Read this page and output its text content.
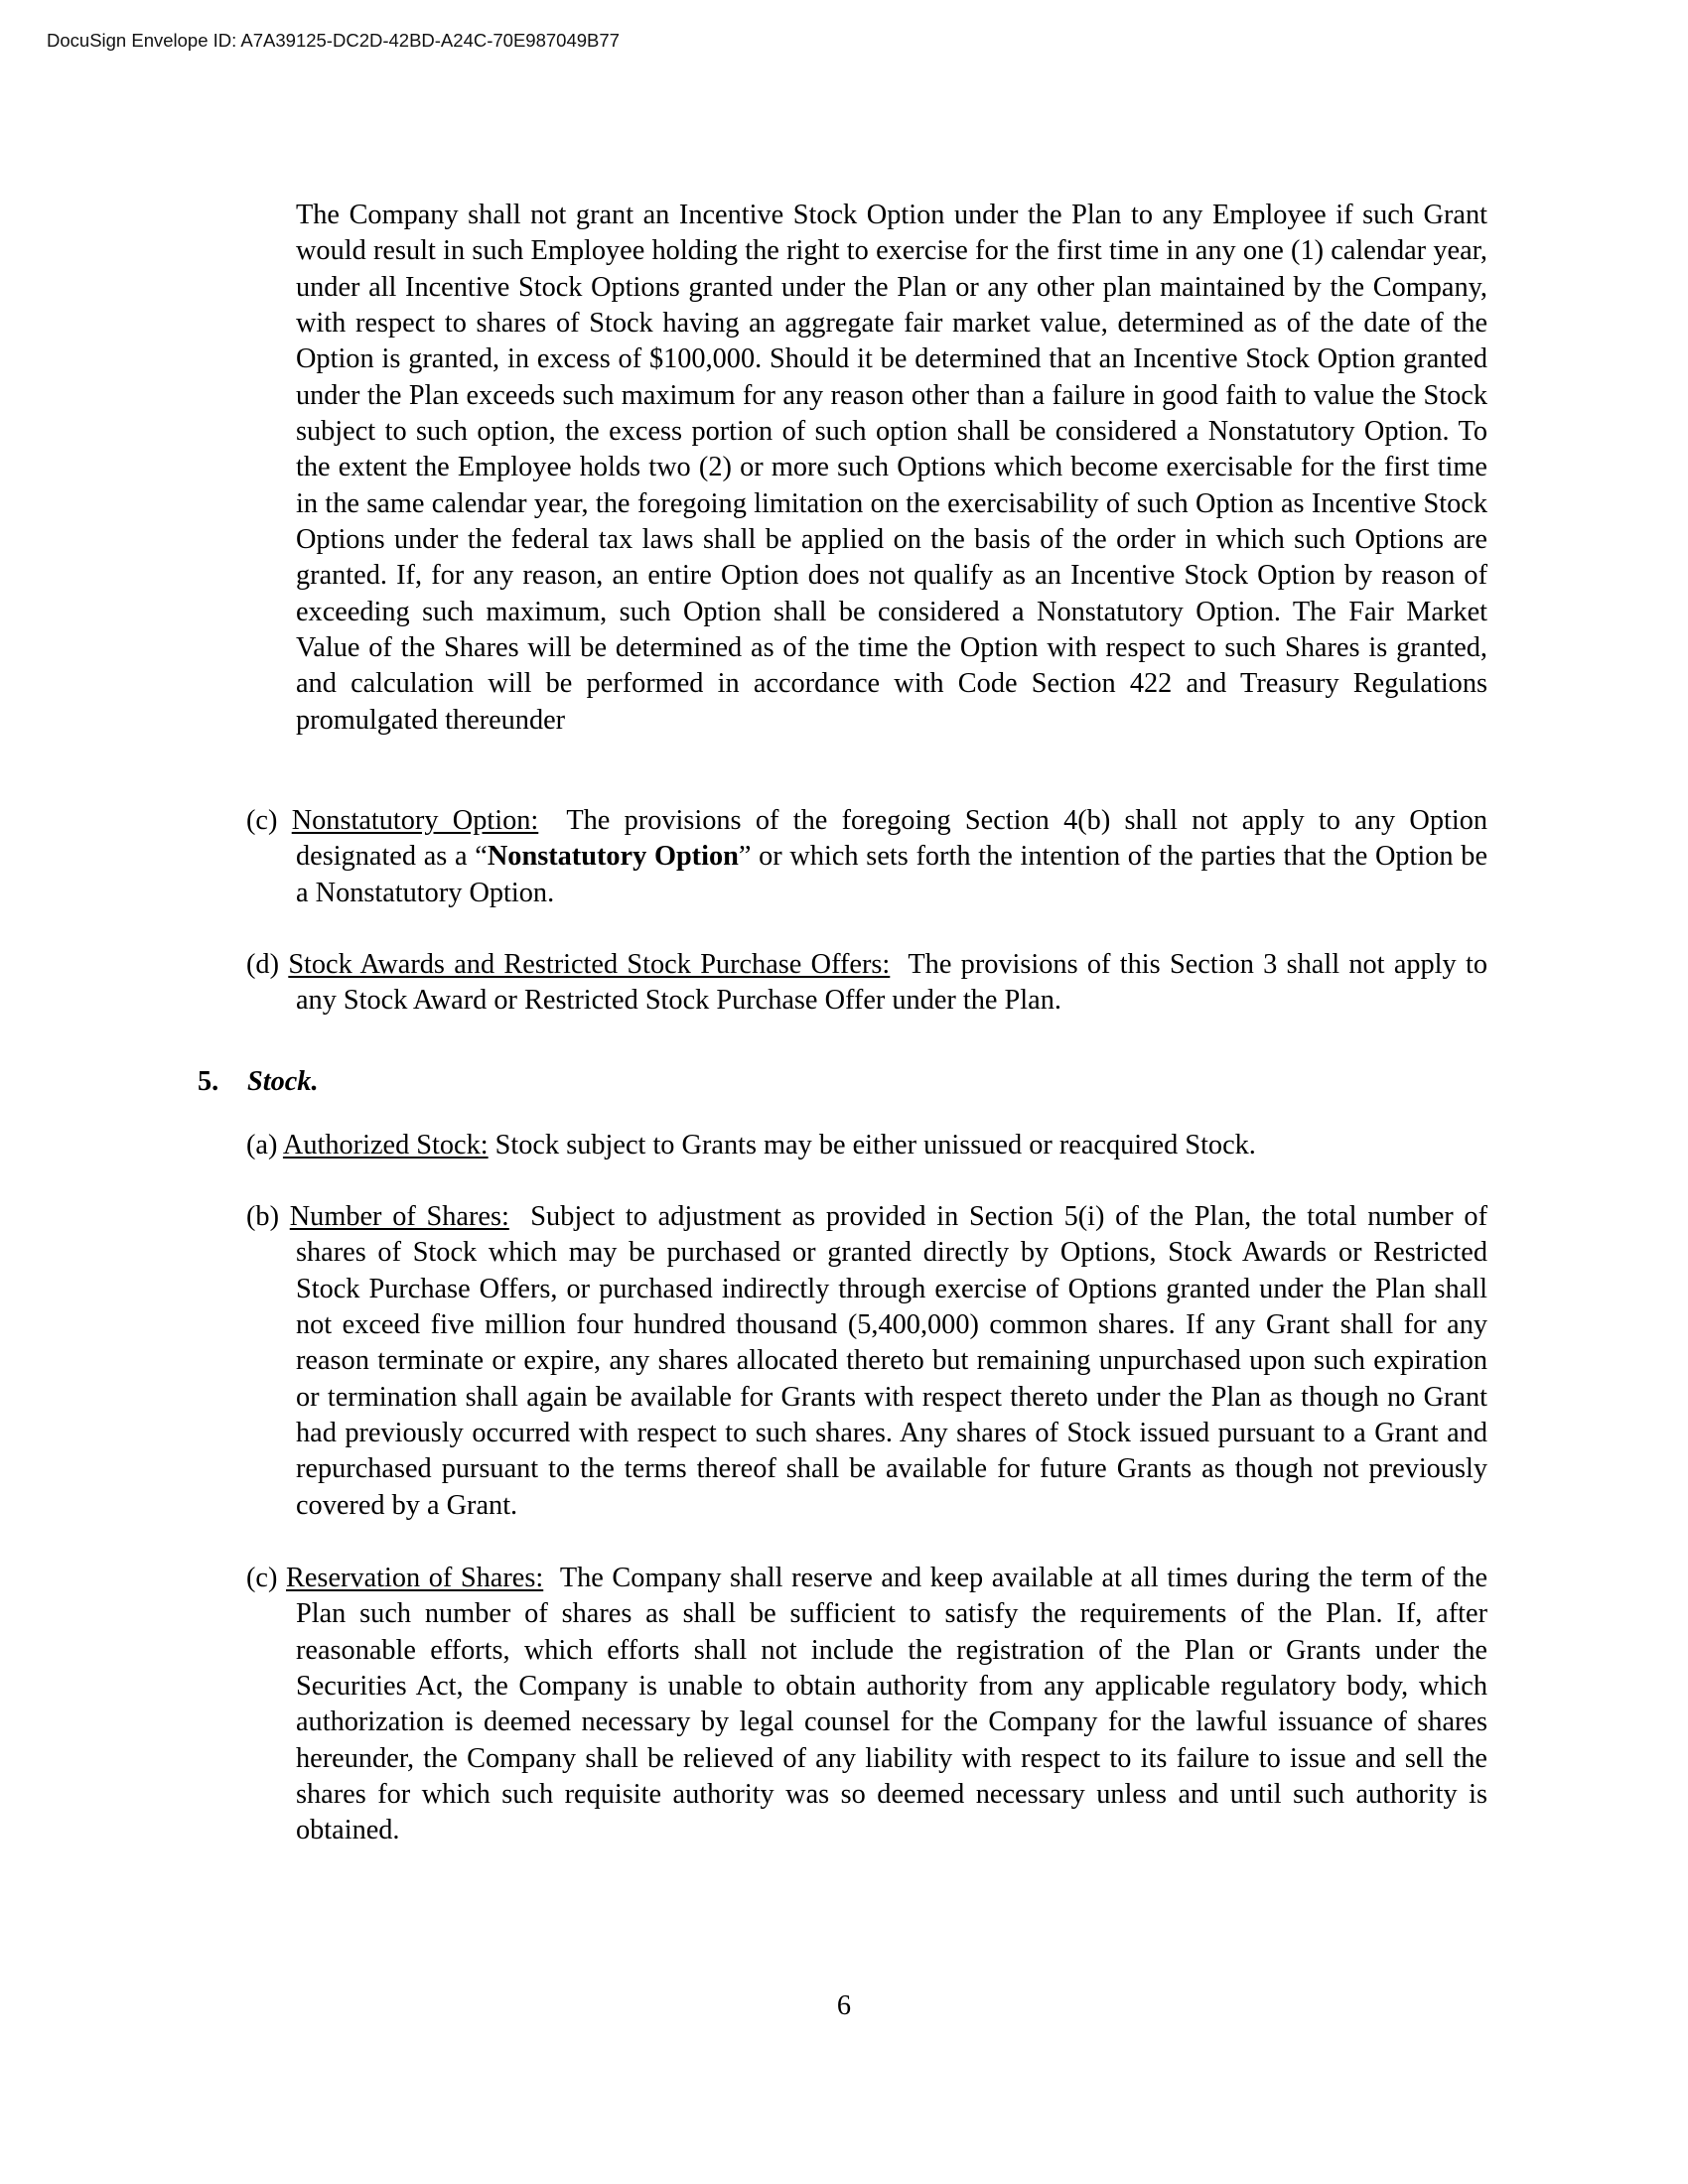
DocuSign Envelope ID: A7A39125-DC2D-42BD-A24C-70E987049B77

The Company shall not grant an Incentive Stock Option under the Plan to any Employee if such Grant would result in such Employee holding the right to exercise for the first time in any one (1) calendar year, under all Incentive Stock Options granted under the Plan or any other plan maintained by the Company, with respect to shares of Stock having an aggregate fair market value, determined as of the date of the Option is granted, in excess of $100,000. Should it be determined that an Incentive Stock Option granted under the Plan exceeds such maximum for any reason other than a failure in good faith to value the Stock subject to such option, the excess portion of such option shall be considered a Nonstatutory Option. To the extent the Employee holds two (2) or more such Options which become exercisable for the first time in the same calendar year, the foregoing limitation on the exercisability of such Option as Incentive Stock Options under the federal tax laws shall be applied on the basis of the order in which such Options are granted. If, for any reason, an entire Option does not qualify as an Incentive Stock Option by reason of exceeding such maximum, such Option shall be considered a Nonstatutory Option. The Fair Market Value of the Shares will be determined as of the time the Option with respect to such Shares is granted, and calculation will be performed in accordance with Code Section 422 and Treasury Regulations promulgated thereunder

(c) Nonstatutory Option:  The provisions of the foregoing Section 4(b) shall not apply to any Option designated as a “Nonstatutory Option” or which sets forth the intention of the parties that the Option be a Nonstatutory Option.

(d) Stock Awards and Restricted Stock Purchase Offers:  The provisions of this Section 3 shall not apply to any Stock Award or Restricted Stock Purchase Offer under the Plan.

5. Stock.

(a) Authorized Stock: Stock subject to Grants may be either unissued or reacquired Stock.

(b) Number of Shares:  Subject to adjustment as provided in Section 5(i) of the Plan, the total number of shares of Stock which may be purchased or granted directly by Options, Stock Awards or Restricted Stock Purchase Offers, or purchased indirectly through exercise of Options granted under the Plan shall not exceed five million four hundred thousand (5,400,000) common shares. If any Grant shall for any reason terminate or expire, any shares allocated thereto but remaining unpurchased upon such expiration or termination shall again be available for Grants with respect thereto under the Plan as though no Grant had previously occurred with respect to such shares. Any shares of Stock issued pursuant to a Grant and repurchased pursuant to the terms thereof shall be available for future Grants as though not previously covered by a Grant.

(c) Reservation of Shares:  The Company shall reserve and keep available at all times during the term of the Plan such number of shares as shall be sufficient to satisfy the requirements of the Plan. If, after reasonable efforts, which efforts shall not include the registration of the Plan or Grants under the Securities Act, the Company is unable to obtain authority from any applicable regulatory body, which authorization is deemed necessary by legal counsel for the Company for the lawful issuance of shares hereunder, the Company shall be relieved of any liability with respect to its failure to issue and sell the shares for which such requisite authority was so deemed necessary unless and until such authority is obtained.

6
